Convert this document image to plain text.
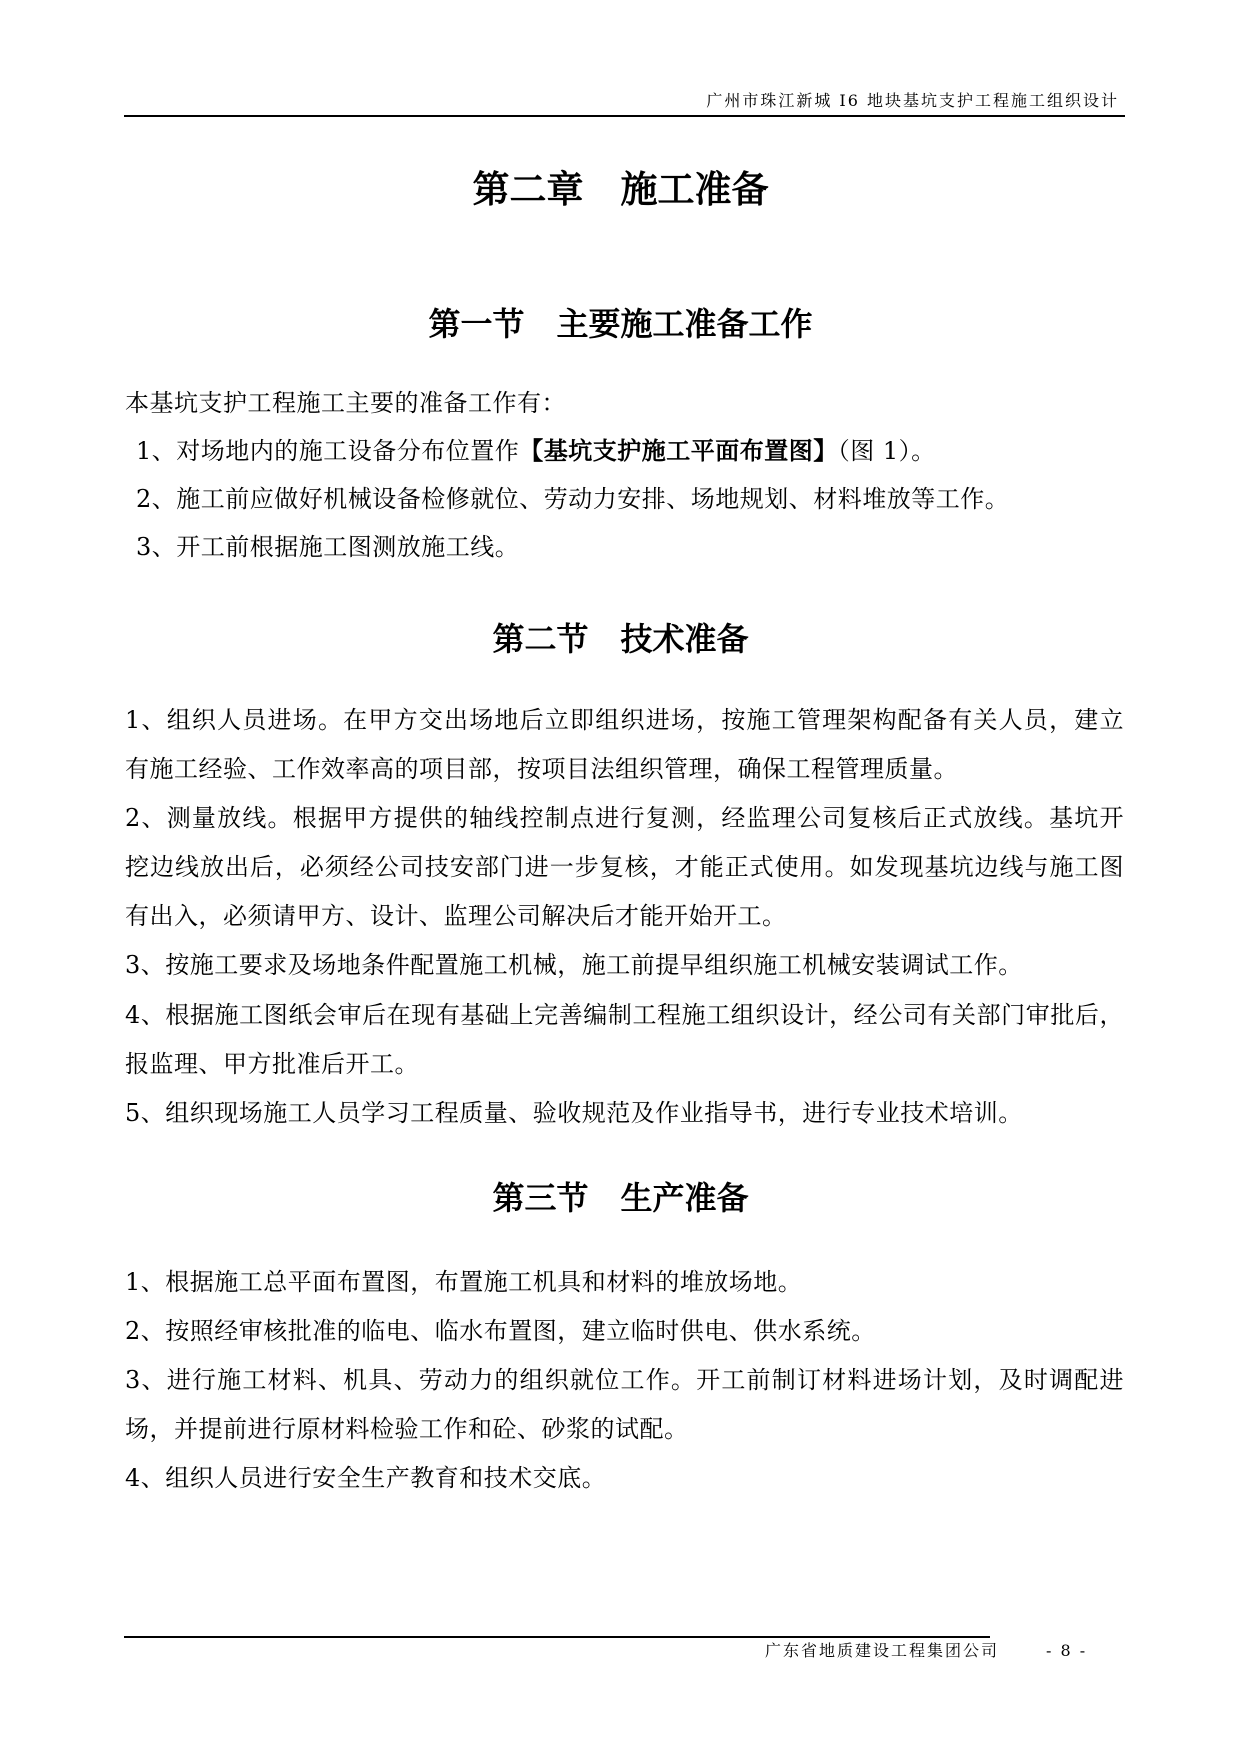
广州市珠江新城 I6 地块基坑支护工程施工组织设计
第二章 施工准备
第一节 主要施工准备工作
本基坑支护工程施工主要的准备工作有：
1、对场地内的施工设备分布位置作【基坑支护施工平面布置图】（图 1）。
2、施工前应做好机械设备检修就位、劳动力安排、场地规划、材料堆放等工作。
3、开工前根据施工图测放施工线。
第二节 技术准备
1、组织人员进场。在甲方交出场地后立即组织进场，按施工管理架构配备有关人员，建立
有施工经验、工作效率高的项目部，按项目法组织管理，确保工程管理质量。
2、测量放线。根据甲方提供的轴线控制点进行复测，经监理公司复核后正式放线。基坑开
挖边线放出后，必须经公司技安部门进一步复核，才能正式使用。如发现基坑边线与施工图
有出入，必须请甲方、设计、监理公司解决后才能开始开工。
3、按施工要求及场地条件配置施工机械，施工前提早组织施工机械安装调试工作。
4、根据施工图纸会审后在现有基础上完善编制工程施工组织设计，经公司有关部门审批后，
报监理、甲方批准后开工。
5、组织现场施工人员学习工程质量、验收规范及作业指导书，进行专业技术培训。
第三节 生产准备
1、根据施工总平面布置图，布置施工机具和材料的堆放场地。
2、按照经审核批准的临电、临水布置图，建立临时供电、供水系统。
3、进行施工材料、机具、劳动力的组织就位工作。开工前制订材料进场计划，及时调配进
场，并提前进行原材料检验工作和砼、砂浆的试配。
4、组织人员进行安全生产教育和技术交底。
广东省地质建设工程集团公司	- 8 -
